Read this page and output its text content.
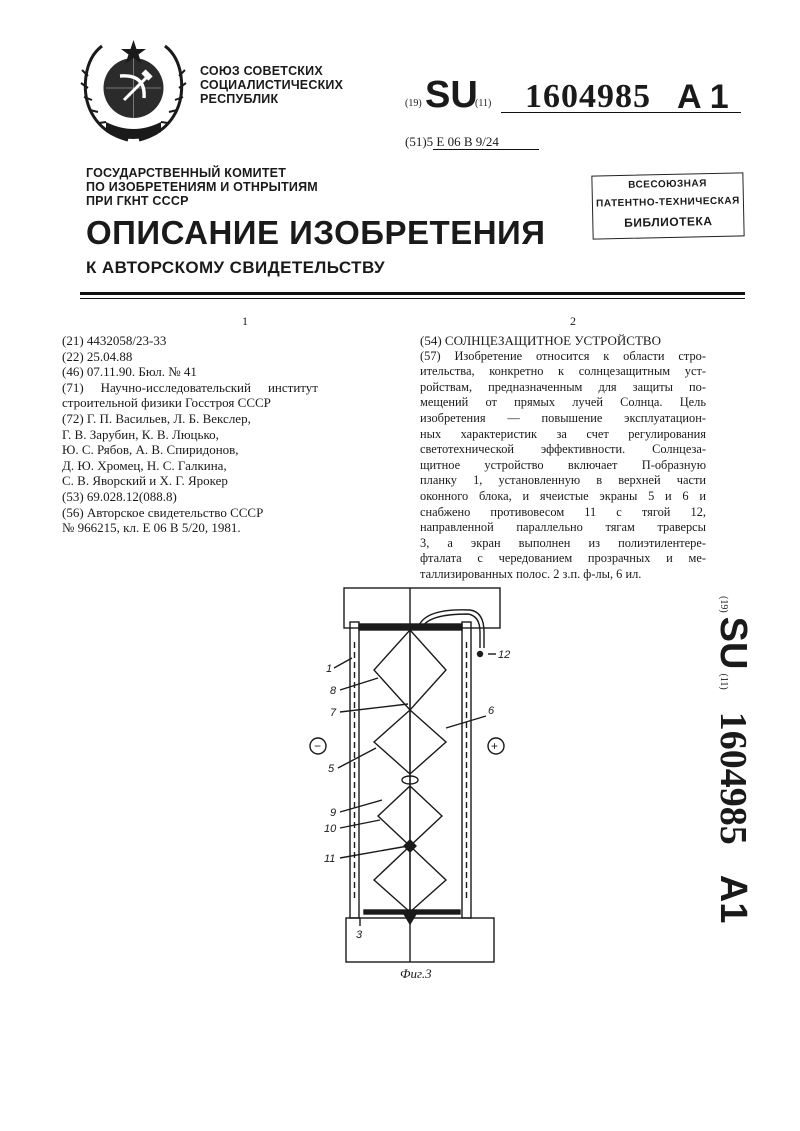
СОЮЗ СОВЕТСКИХ
СОЦИАЛИСТИЧЕСКИХ
РЕСПУБЛИК	(19) SU
(11) 1604985 A 1
(51)5 E 06 B 9/24
ГОСУДАРСТВЕННЫЙ КОМИТЕТ
ПО ИЗОБРЕТЕНИЯМ И ОТНРЫТИЯМ
ПРИ ГКНТ СССР
ВСЕСОЮЗНАЯ
ПАТЕНТНО-ТЕХНИЧЕСКАЯ
БИБЛИОТЕКА
ОПИСАНИЕ ИЗОБРЕТЕНИЯ
К АВТОРСКОМУ СВИДЕТЕЛЬСТВУ
1	2
(21) 4432058/23-33
(22) 25.04.88
(46) 07.11.90. Бюл. № 41
(71) Научно-исследовательский институт
строительной физики Госстроя СССР
(72) Г. П. Васильев, Л. Б. Векслер,
Г. В. Зарубин, К. В. Люцько,
Ю. С. Рябов, А. В. Спиридонов,
Д. Ю. Хромец, Н. С. Галкина,
С. В. Яворский и Х. Г. Ярокер
(53) 69.028.12(088.8)
(56) Авторское свидетельство СССР
№ 966215, кл. Е 06 В 5/20, 1981.
(54) СОЛНЦЕЗАЩИТНОЕ УСТРОЙСТВО
(57) Изобретение относится к области стро-
ительства, конкретно к солнцезащитным уст-
ройствам, предназначенным для защиты по-
мещений от прямых лучей Солнца. Цель
изобретения — повышение эксплуатацион-
ных характеристик за счет регулирования
светотехнической эффективности. Солнцеза-
щитное устройство включает П-образную
планку 1, установленную в верхней части
оконного блока, и ячеистые экраны 5 и 6 и
снабжено противовесом 11 с тягой 12,
направленной параллельно тягам траверсы
3, а экран выполнен из полиэтилентере-
фталата с чередованием прозрачных и ме-
таллизированных полос. 2 з.п. ф-лы, 6 ил.
(19) SU (11) 1604985 A1
1
8
7
5
9
10
11
3
6
12
−	+
Фиг.3
